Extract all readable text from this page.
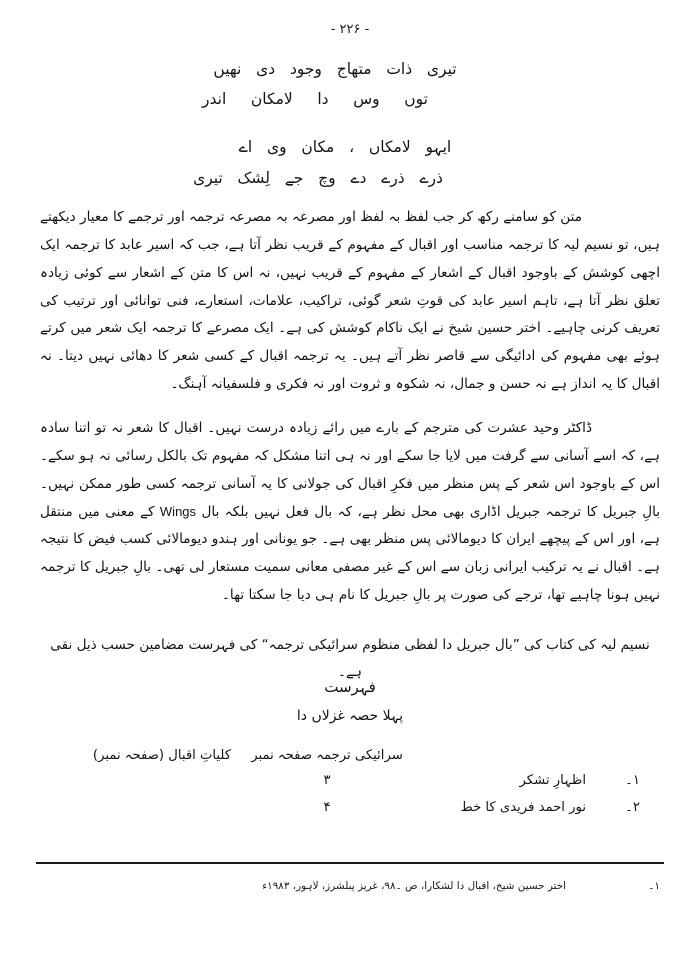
- ۲۲۶ -
تیری   ذات   متھاج   وجود   دی   نھیں
توں     وس     دا     لامکان     اندر
ایہو   لامکاں   ،   مکان   وی   اے
ذرے   ذرے   دے   وچ   جے   لِشک   تیری

متن کو سامنے رکھ کر جب لفظ بہ لفظ اور مصرعہ بہ مصرعہ ترجمہ اور ترجمے کا معیار دیکھتے ہیں، تو نسیم لیہ کا ترجمہ مناسب اور اقبال کے مفہوم کے قریب نظر آتا ہے، جب کہ اسیر عابد کا ترجمہ ایک اچھی کوشش کے باوجود اقبال کے اشعار کے مفہوم کے قریب نہیں، نہ اس کا متن کے اشعار سے کوئی زیادہ تعلق نظر آتا ہے، تاہم اسیر عابد کی قوتِ شعر گوئی، تراکیب، علامات، استعارے، فنی توانائی اور ترتیب کی تعریف کرنی چاہیے۔ اختر حسین شیخ نے ایک ناکام کوشش کی ہے۔ ایک مصرعے کا ترجمہ ایک شعر میں کرتے ہوئے بھی مفہوم کی ادائیگی سے قاصر نظر آتے ہیں۔ یہ ترجمہ اقبال کے کسی شعر کا دھائی نہیں دیتا۔ نہ اقبال کا یہ انداز ہے نہ حسن و جمال، نہ شکوہ و ثروت اور نہ فکری و فلسفیانہ آہنگ۔

ڈاکٹر وحید عشرت کی مترجم کے بارے میں رائے زیادہ درست نہیں۔ اقبال کا شعر نہ تو اتنا سادہ ہے، کہ اسے آسانی سے گرفت میں لایا جا سکے اور نہ ہی اتنا مشکل کہ مفہوم تک بالکل رسائی نہ ہو سکے۔ اس کے باوجود اس شعر کے پس منظر میں فکرِ اقبال کی جولانی کا یہ آسانی ترجمہ کسی طور ممکن نہیں۔ بالِ جبریل کا ترجمہ جبریل اڈاری بھی محل نظر ہے، کہ بال فعل نہیں بلکہ بال Wings کے معنی میں منتقل ہے، اور اس کے پیچھے ایران کا دیومالائی پس منظر بھی ہے۔ جو یونانی اور ہندو دیومالائی کسب فیض کا نتیجہ ہے۔ اقبال نے یہ ترکیب ایرانی زبان سے اس کے غیر مصفی معانی سمیت مستعار لی تھی۔ بالِ جبریل کا ترجمہ نہیں ہونا چاہیے تھا، ترجے کی صورت پر بالِ جبریل کا نام ہی دیا جا سکتا تھا۔

نسیم لیہ کی کتاب کی ”بال جبریل دا لفظی منظوم سرائیکی ترجمہ“ کی فہرست مضامین حسب ذیل نقی ہے۔
فہرست
پہلا حصہ غزلاں دا
سرائیکی ترجمہ صفحہ نمبر
کلیاتِ اقبال (صفحہ نمبر)
۱۔
اظہارِ تشکر
۳
۲۔
نور احمد فریدی کا خط
۴
۱۔
اختر حسین شیخ، اقبال دا لشکارا، ص ۔۹۸، غریز پبلشرز، لاہور، ۱۹۸۳ء
